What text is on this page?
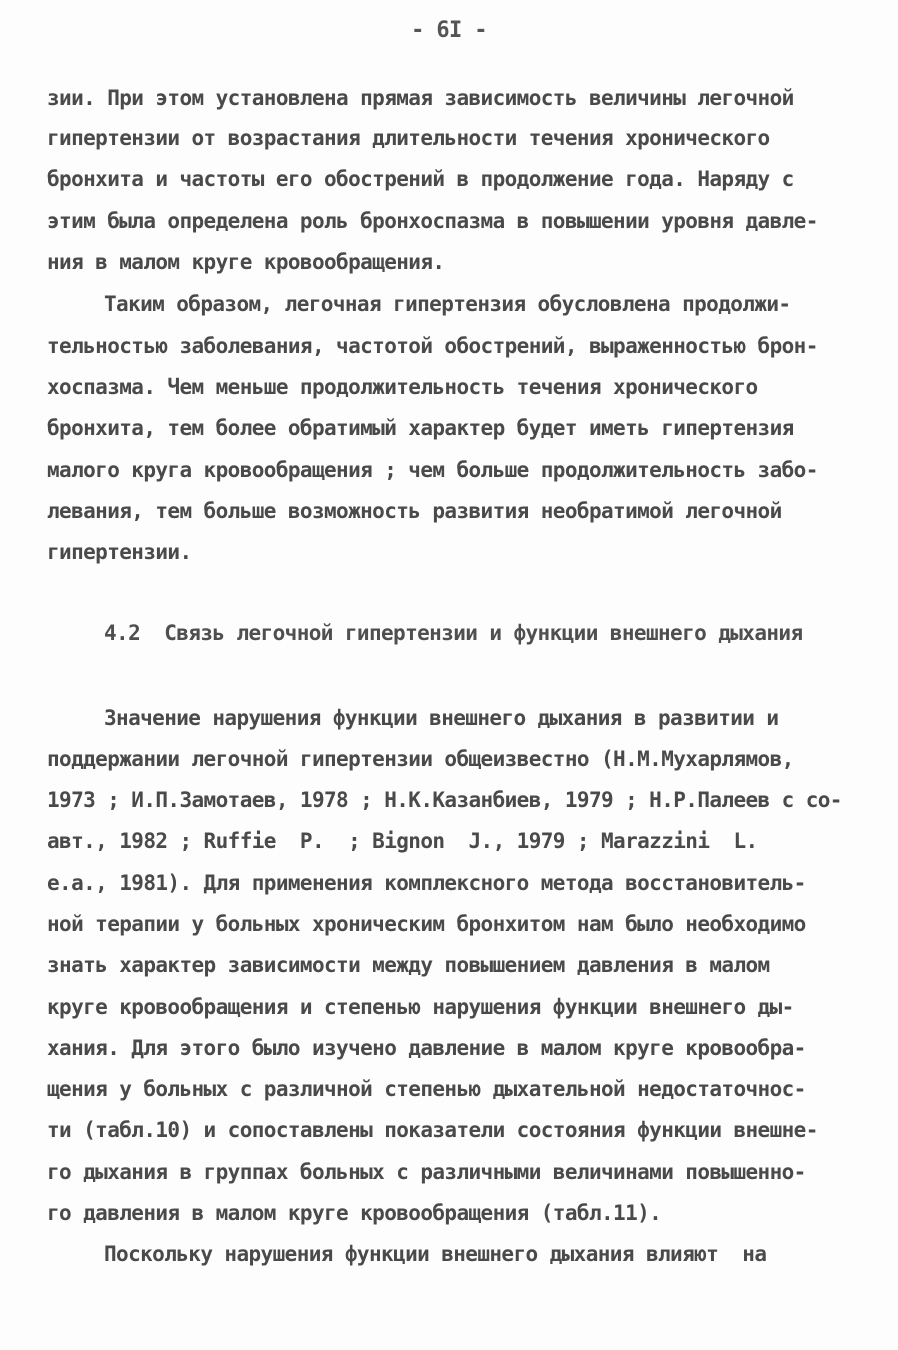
- 6I -
зии. При этом установлена прямая зависимость величины легочной
гипертензии от возрастания длительности течения хронического
бронхита и частоты его обострений в продолжение года. Наряду с
этим была определена роль бронхоспазма в повышении уровня давле-
ния в малом круге кровообращения.
Таким образом, легочная гипертензия обусловлена продолжи-
тельностью заболевания, частотой обострений, выраженностью брон-
хоспазма. Чем меньше продолжительность течения хронического
бронхита, тем более обратимый характер будет иметь гипертензия
малого круга кровообращения ; чем больше продолжительность забо-
левания, тем больше возможность развития необратимой легочной
гипертензии.
4.2  Связь легочной гипертензии и функции внешнего дыхания
Значение нарушения функции внешнего дыхания в развитии и
поддержании легочной гипертензии общеизвестно (Н.М.Мухарлямов,
1973 ; И.П.Замотаев, 1978 ; Н.К.Казанбиев, 1979 ; Н.Р.Палеев с со-
авт., 1982 ; Ruffie  P.  ; Bignon  J., 1979 ; Marazzini  L.
e.a., 1981). Для применения комплексного метода восстановитель-
ной терапии у больных хроническим бронхитом нам было необходимо
знать характер зависимости между повышением давления в малом
круге кровообращения и степенью нарушения функции внешнего ды-
хания. Для этого было изучено давление в малом круге кровообра-
щения у больных с различной степенью дыхательной недостаточнос-
ти (табл.10) и сопоставлены показатели состояния функции внешне-
го дыхания в группах больных с различными величинами повышенно-
го давления в малом круге кровообращения (табл.11).
Поскольку нарушения функции внешнего дыхания влияют  на
